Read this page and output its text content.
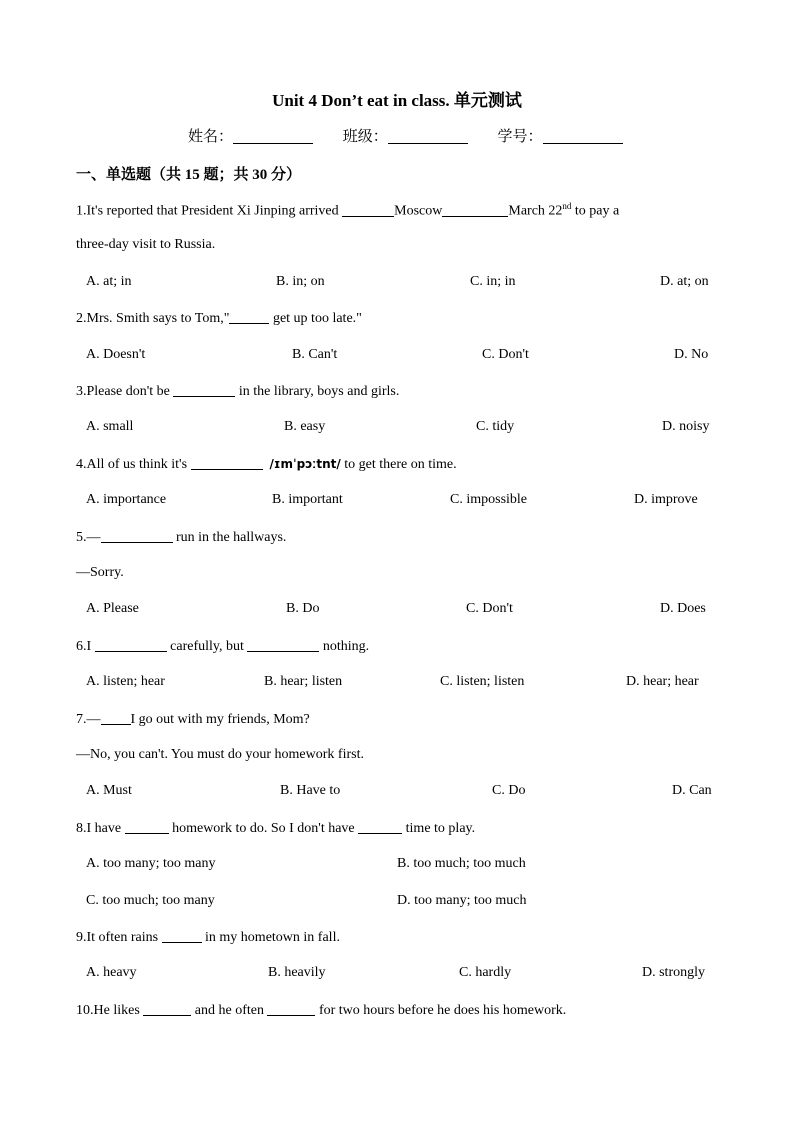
Unit 4 Don’t eat in class. 单元测试
姓名：	班级：	学号：
一、单选题（共 15 题；共 30 分）
1.It's reported that President Xi Jinping arrived	Moscow	March 22nd to pay a
three-day visit to Russia.
A. at; in	B. in; on	C. in; in	D. at; on
2.Mrs. Smith says to Tom,"	get up too late."
A. Doesn't	B. Can't	C. Don't	D. No
3.Please don't be	in the library, boys and girls.
A. small	B. easy	C. tidy	D. noisy
4.All of us think it's	/ɪmˈpɔːtnt/ to get there on time.
A. importance	B. important	C. impossible	D. improve
5.—	run in the hallways.
—Sorry.
A. Please	B. Do	C. Don't	D. Does
6.I	carefully, but	nothing.
A. listen; hear	B. hear; listen	C. listen; listen	D. hear; hear
7.— I go out with my friends, Mom?
—No, you can't. You must do your homework first.
A. Must	B. Have to	C. Do	D. Can
8.I have	homework to do. So I don't have	time to play.
A. too many; too many	B. too much; too much
C. too much; too many	D. too many; too much
9.It often rains	in my hometown in fall.
A. heavy	B. heavily	C. hardly	D. strongly
10.He likes	and he often	for two hours before he does his homework.
